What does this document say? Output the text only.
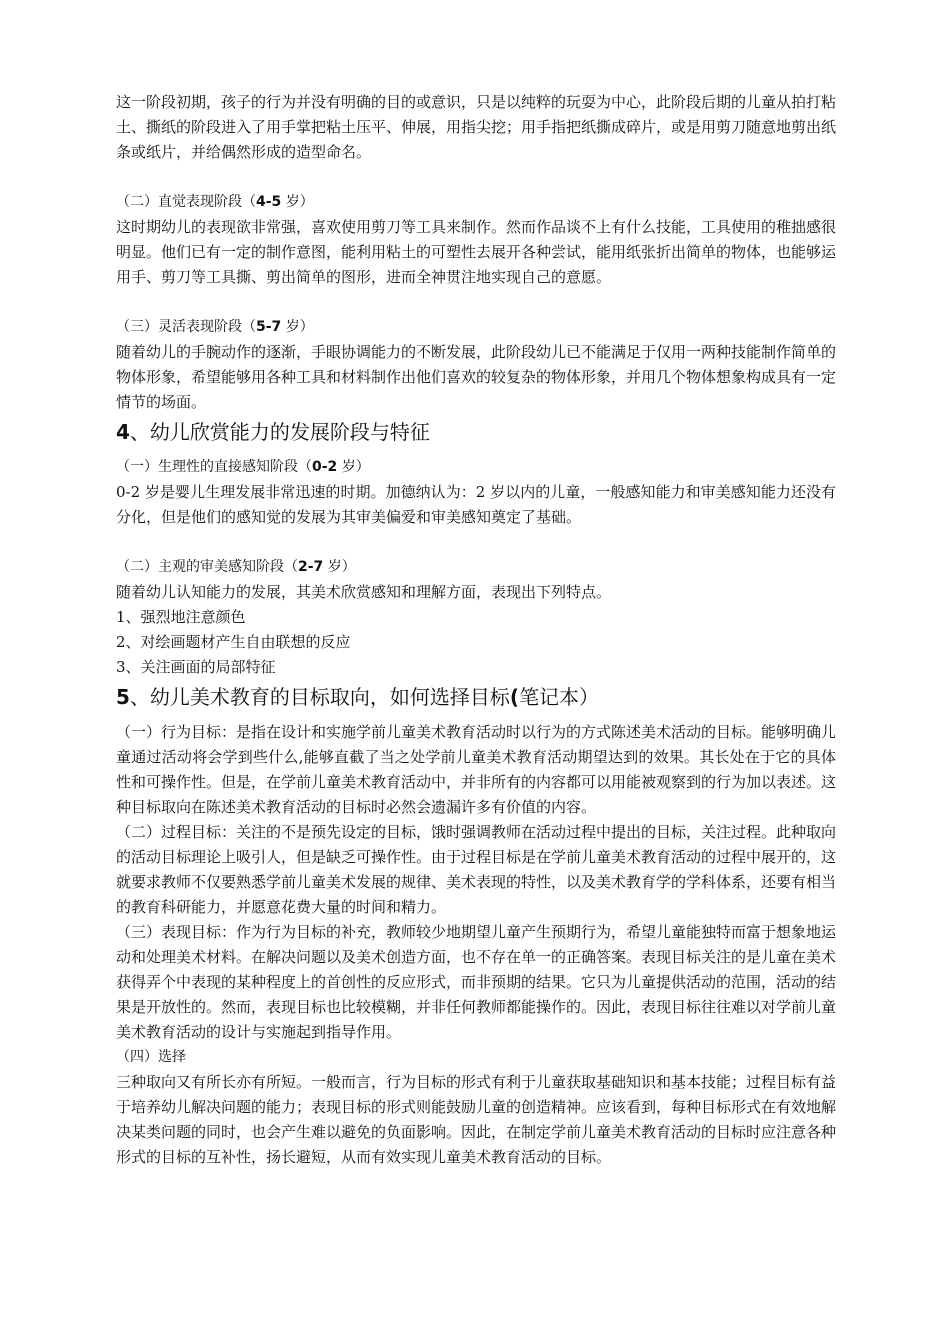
这一阶段初期，孩子的行为并没有明确的目的或意识，只是以纯粹的玩耍为中心，此阶段后期的儿童从拍打粘土、撕纸的阶段进入了用手掌把粘土压平、伸展，用指尖挖；用手指把纸撕成碎片，或是用剪刀随意地剪出纸条或纸片，并给偶然形成的造型命名。

（二）直觉表现阶段（4-5 岁）

这时期幼儿的表现欲非常强，喜欢使用剪刀等工具来制作。然而作品谈不上有什么技能，工具使用的稚拙感很明显。他们已有一定的制作意图，能利用粘土的可塑性去展开各种尝试，能用纸张折出简单的物体，也能够运用手、剪刀等工具撕、剪出简单的图形，进而全神贯注地实现自己的意愿。

（三）灵活表现阶段（5-7 岁）

随着幼儿的手腕动作的逐渐，手眼协调能力的不断发展，此阶段幼儿已不能满足于仅用一两种技能制作简单的物体形象，希望能够用各种工具和材料制作出他们喜欢的较复杂的物体形象，并用几个物体想象构成具有一定情节的场面。

4、幼儿欣赏能力的发展阶段与特征
（一）生理性的直接感知阶段（0-2 岁）

0-2 岁是婴儿生理发展非常迅速的时期。加德纳认为：2 岁以内的儿童，一般感知能力和审美感知能力还没有分化，但是他们的感知觉的发展为其审美偏爱和审美感知奠定了基础。

（二）主观的审美感知阶段（2-7 岁）

随着幼儿认知能力的发展，其美术欣赏感知和理解方面，表现出下列特点。

1、强烈地注意颜色

2、对绘画题材产生自由联想的反应

3、关注画面的局部特征

5、幼儿美术教育的目标取向，如何选择目标(笔记本）

（一）行为目标：是指在设计和实施学前儿童美术教育活动时以行为的方式陈述美术活动的目标。能够明确儿童通过活动将会学到些什么,能够直截了当之处学前儿童美术教育活动期望达到的效果。其长处在于它的具体性和可操作性。但是，在学前儿童美术教育活动中，并非所有的内容都可以用能被观察到的行为加以表述。这种目标取向在陈述美术教育活动的目标时必然会遗漏许多有价值的内容。

（二）过程目标：关注的不是预先设定的目标，饿时强调教师在活动过程中提出的目标，关注过程。此种取向的活动目标理论上吸引人，但是缺乏可操作性。由于过程目标是在学前儿童美术教育活动的过程中展开的，这就要求教师不仅要熟悉学前儿童美术发展的规律、美术表现的特性，以及美术教育学的学科体系，还要有相当的教育科研能力，并愿意花费大量的时间和精力。

（三）表现目标：作为行为目标的补充，教师较少地期望儿童产生预期行为，希望儿童能独特而富于想象地运动和处理美术材料。在解决问题以及美术创造方面，也不存在单一的正确答案。表现目标关注的是儿童在美术获得弄个中表现的某种程度上的首创性的反应形式，而非预期的结果。它只为儿童提供活动的范围，活动的结果是开放性的。然而，表现目标也比较模糊，并非任何教师都能操作的。因此，表现目标往往难以对学前儿童美术教育活动的设计与实施起到指导作用。

（四）选择

三种取向又有所长亦有所短。一般而言，行为目标的形式有利于儿童获取基础知识和基本技能；过程目标有益于培养幼儿解决问题的能力；表现目标的形式则能鼓励儿童的创造精神。应该看到，每种目标形式在有效地解决某类问题的同时，也会产生难以避免的负面影响。因此，在制定学前儿童美术教育活动的目标时应注意各种形式的目标的互补性，扬长避短，从而有效实现儿童美术教育活动的目标。
